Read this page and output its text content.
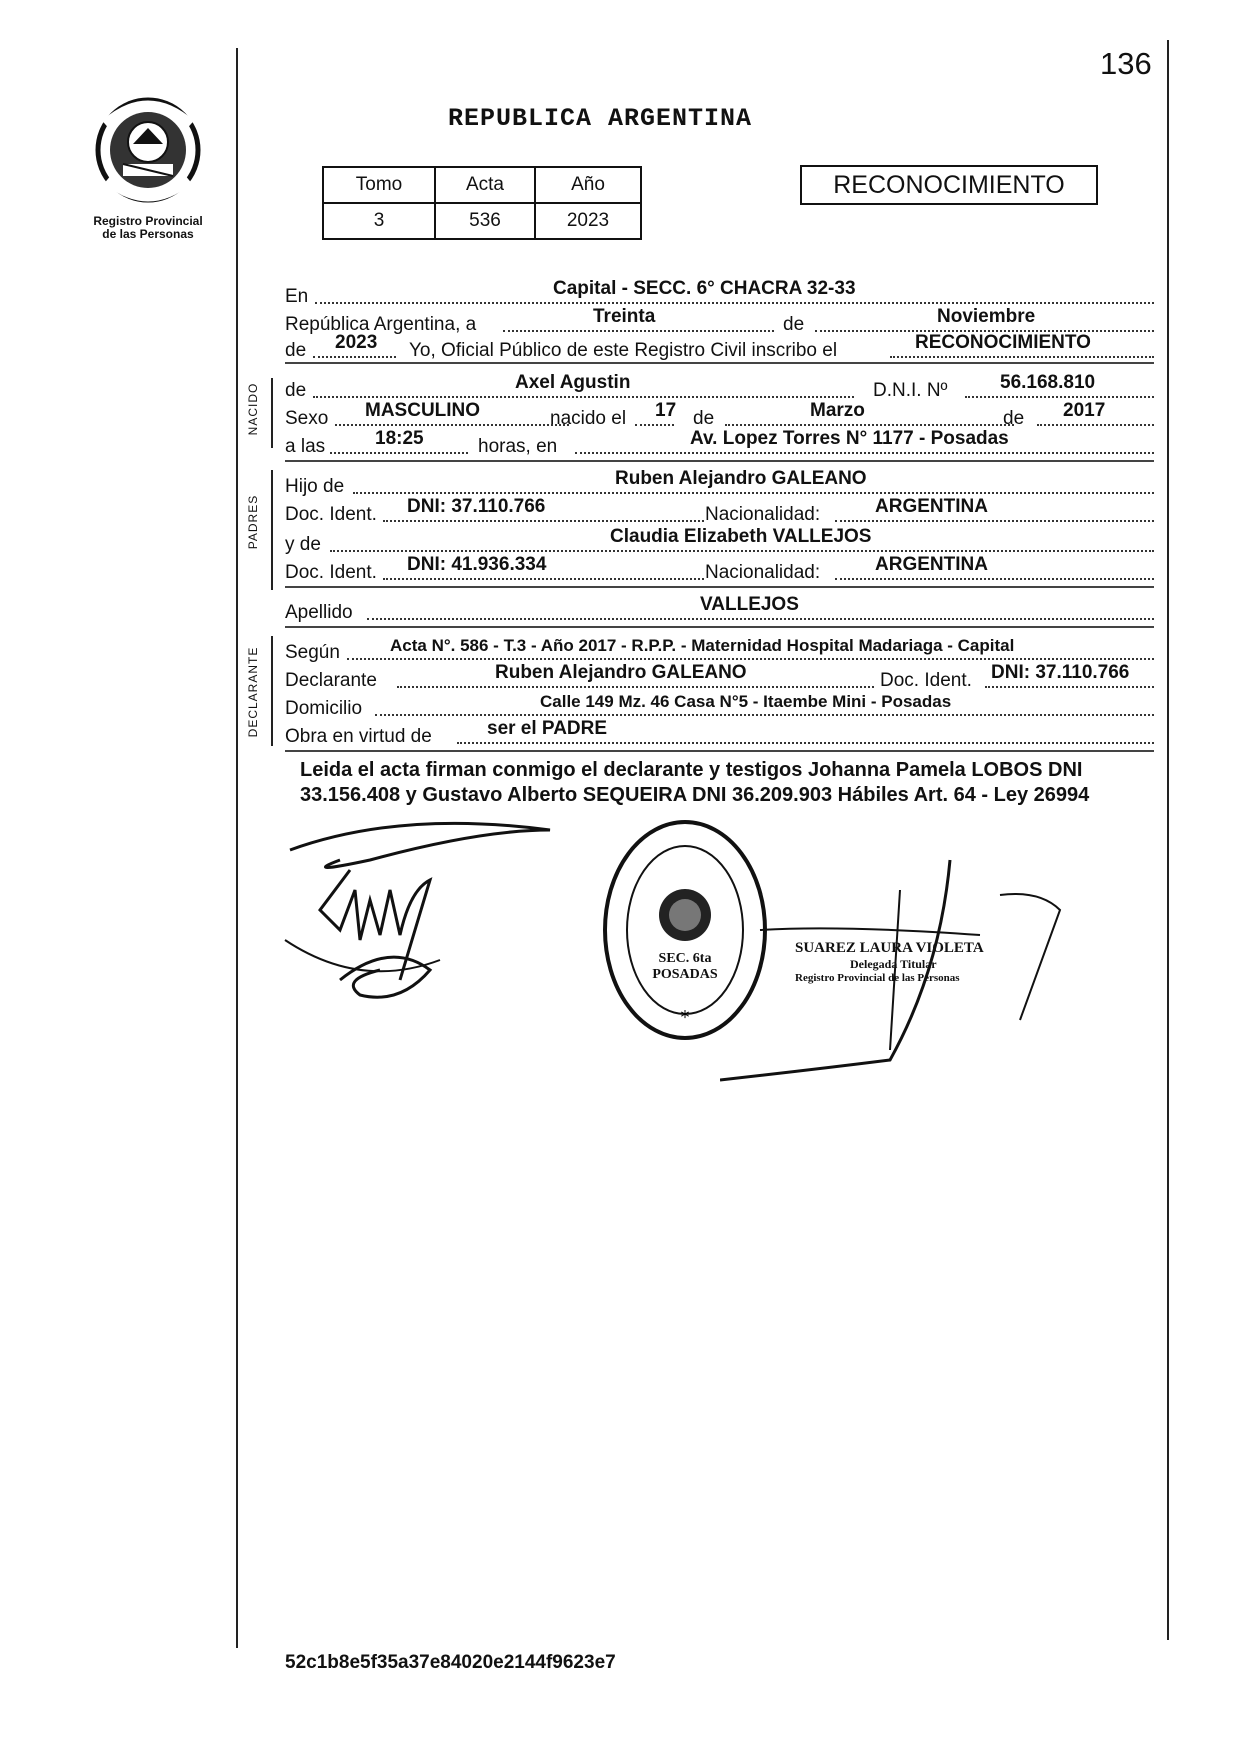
136
Registro Provincial
de las Personas
REPUBLICA ARGENTINA
Tomo	Acta	Año
3	536	2023
RECONOCIMIENTO
NACIDO
PADRES
DECLARANTE
En	Capital - SECC. 6° CHACRA 32-33
República Argentina, a	Treinta	de	Noviembre
de 2023 Yo, Oficial Público de este Registro Civil inscribo el	RECONOCIMIENTO
de	Axel Agustin	D.N.I. Nº	56.168.810
Sexo MASCULINO	nacido el 17 de	Marzo	de 2017
a las	18:25	horas, en	Av. Lopez Torres N° 1177 - Posadas
Hijo de	Ruben Alejandro GALEANO
Doc. Ident. DNI: 37.110.766	Nacionalidad:	ARGENTINA
y de	Claudia Elizabeth VALLEJOS
Doc. Ident. DNI: 41.936.334	Nacionalidad:	ARGENTINA
Apellido	VALLEJOS
Según	Acta N°. 586 - T.3 - Año 2017 - R.P.P. - Maternidad Hospital Madariaga - Capital
Declarante	Ruben Alejandro GALEANO	Doc. Ident. DNI: 37.110.766
Domicilio	Calle 149 Mz. 46 Casa N°5 - Itaembe Mini - Posadas
Obra en virtud de	ser el PADRE
Leida el acta firman conmigo el declarante y testigos Johanna Pamela LOBOS DNI 33.156.408 y Gustavo Alberto SEQUEIRA DNI 36.209.903 Hábiles Art. 64 - Ley 26994
*
SEC. 6ta POSADAS
SUAREZ LAURA VIOLETA
Delegada Titular
Registro Provincial de las Personas
52c1b8e5f35a37e84020e2144f9623e7
